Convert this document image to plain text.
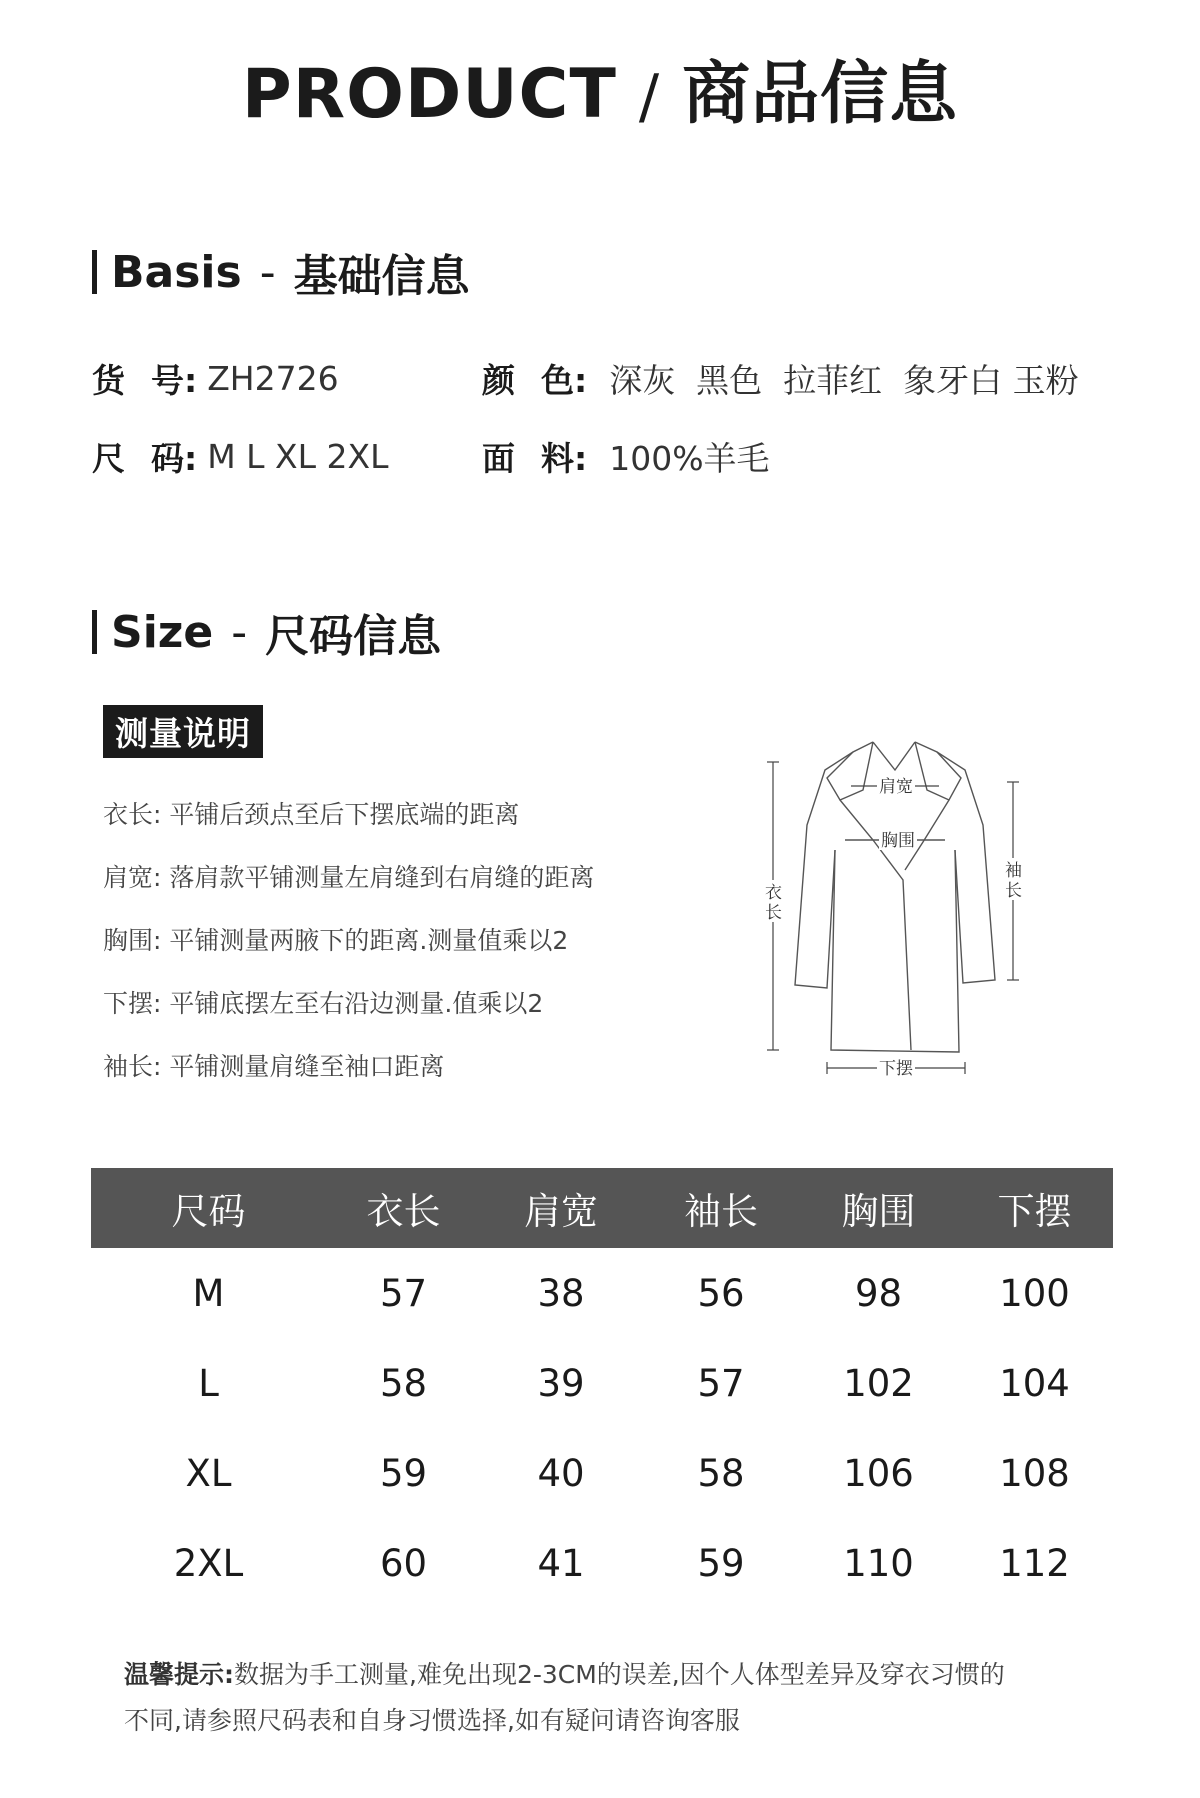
PRODUCT / 商品信息
Basis - 基础信息
货 号: ZH2726	颜 色: 深灰  黑色  拉菲红  象牙白 玉粉
尺 码: M L XL 2XL	面 料: 100%羊毛
Size - 尺码信息
测量说明
衣长: 平铺后颈点至后下摆底端的距离
肩宽: 落肩款平铺测量左肩缝到右肩缝的距离
胸围: 平铺测量两腋下的距离.测量值乘以2
下摆: 平铺底摆左至右沿边测量.值乘以2
袖长: 平铺测量肩缝至袖口距离
肩宽
胸围
衣
长
袖
长
下摆
尺码	衣长	肩宽	袖长	胸围	下摆
M	57	38	56	98	100
L	58	39	57	102	104
XL	59	40	58	106	108
2XL	60	41	59	110	112
温馨提示:数据为手工测量,难免出现2-3CM的误差,因个人体型差异及穿衣习惯的
不同,请参照尺码表和自身习惯选择,如有疑问请咨询客服
